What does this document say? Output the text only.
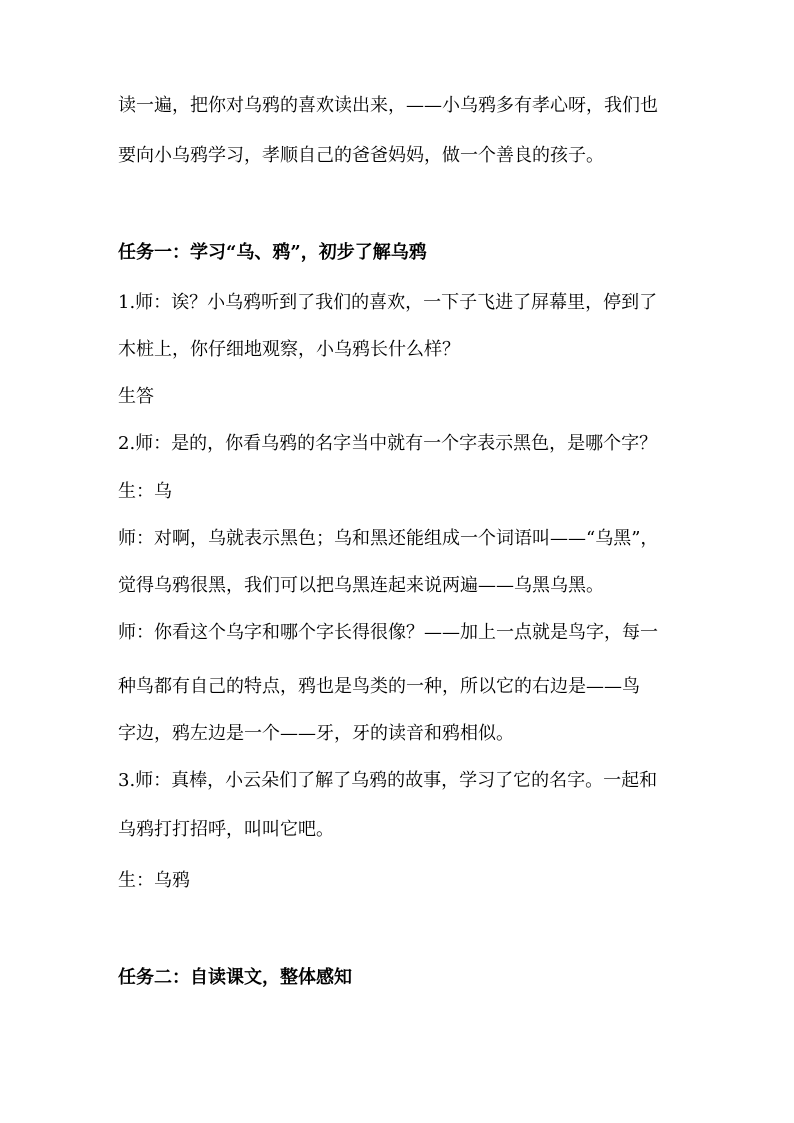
读一遍，把你对乌鸦的喜欢读出来，——小乌鸦多有孝心呀，我们也

要向小乌鸦学习，孝顺自己的爸爸妈妈，做一个善良的孩子。

任务一：学习“乌、鸦”，初步了解乌鸦

1.师：诶？小乌鸦听到了我们的喜欢，一下子飞进了屏幕里，停到了

木桩上，你仔细地观察，小乌鸦长什么样？

生答

2.师：是的，你看乌鸦的名字当中就有一个字表示黑色，是哪个字？

生：乌

师：对啊，乌就表示黑色；乌和黑还能组成一个词语叫——“乌黑”，

觉得乌鸦很黑，我们可以把乌黑连起来说两遍——乌黑乌黑。

师：你看这个乌字和哪个字长得很像？——加上一点就是鸟字，每一

种鸟都有自己的特点，鸦也是鸟类的一种，所以它的右边是——鸟

字边，鸦左边是一个——牙，牙的读音和鸦相似。

3.师：真棒，小云朵们了解了乌鸦的故事，学习了它的名字。一起和

乌鸦打打招呼，叫叫它吧。

生：乌鸦

任务二：自读课文，整体感知
